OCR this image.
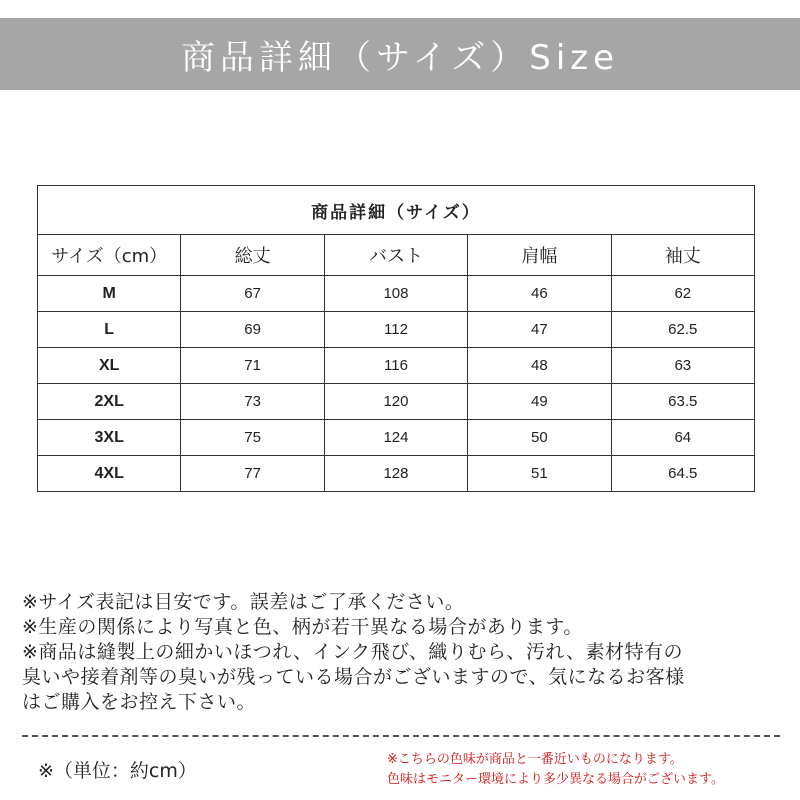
商品詳細（サイズ）Size
商品詳細（サイズ）				
サイズ（cm）	総丈	バスト	肩幅	袖丈
M	67	108	46	62
L	69	112	47	62.5
XL	71	116	48	63
2XL	73	120	49	63.5
3XL	75	124	50	64
4XL	77	128	51	64.5
※サイズ表記は目安です。誤差はご了承ください。
※生産の関係により写真と色、柄が若干異なる場合があります。
※商品は縫製上の細かいほつれ、インク飛び、織りむら、汚れ、素材特有の
臭いや接着剤等の臭いが残っている場合がございますので、気になるお客様
はご購入をお控え下さい。
※（単位：約cm）
※こちらの色味が商品と一番近いものになります。
色味はモニター環境により多少異なる場合がございます。
